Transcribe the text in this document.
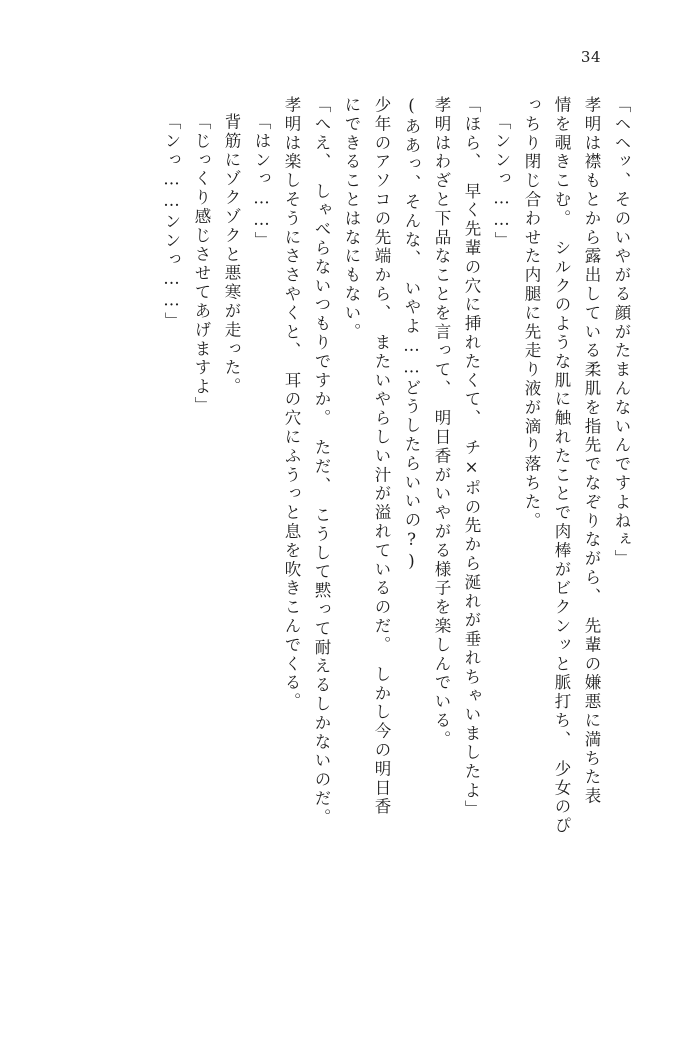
34
「ヘヘッ、そのいやがる顔がたまんないんですよねぇ」
孝明は襟もとから露出している柔肌を指先でなぞりながら、　先輩の嫌悪に満ちた表
情を覗きこむ。　シルクのような肌に触れたことで肉棒がビクンッと脈打ち、　少女のぴ
っちり閉じ合わせた内腿に先走り液が滴り落ちた。
「ンンっ……」
「ほら、　早く先輩の穴に挿れたくて、　チ×ポの先から涎れが垂れちゃいましたよ」
孝明はわざと下品なことを言って、　明日香がいやがる様子を楽しんでいる。
(ああっ、そんな、　いやよ……どうしたらいいの?)
少年のアソコの先端から、　またいやらしい汁が溢れているのだ。　しかし今の明日香
にできることはなにもない。
「へえ、　しゃべらないつもりですか。　ただ、　こうして黙って耐えるしかないのだ。
孝明は楽しそうにささやくと、　耳の穴にふうっと息を吹きこんでくる。
「はンっ……」
背筋にゾクゾクと悪寒が走った。
「じっくり感じさせてあげますよ」
「ンっ……ンンっ……」
